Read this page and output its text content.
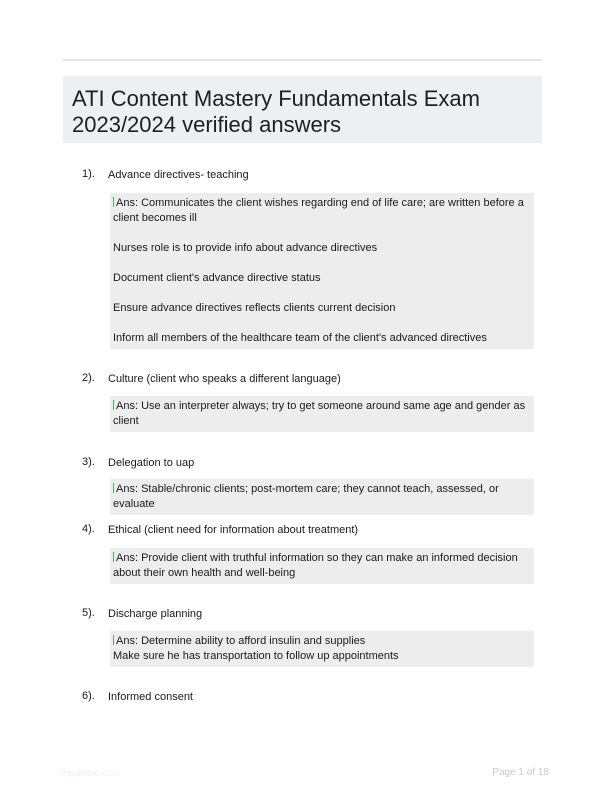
ATI Content Mastery Fundamentals Exam 2023/2024 verified answers
1). Advance directives- teaching
Ans: Communicates the client wishes regarding end of life care; are written before a client becomes ill
Nurses role is to provide info about advance directives
Document client's advance directive status
Ensure advance directives reflects clients current decision
Inform all members of the healthcare team of the client's advanced directives
2). Culture (client who speaks a different language)
Ans: Use an interpreter always; try to get someone around same age and gender as client
3). Delegation to uap
Ans: Stable/chronic clients; post-mortem care; they cannot teach, assessed, or evaluate
4). Ethical (client need for information about treatment)
Ans: Provide client with truthful information so they can make an informed decision about their own health and well-being
5). Discharge planning
Ans: Determine ability to afford insulin and supplies
Make sure he has transportation to follow up appointments
6). Informed consent
Paperlibic.com	Page 1 of 18
